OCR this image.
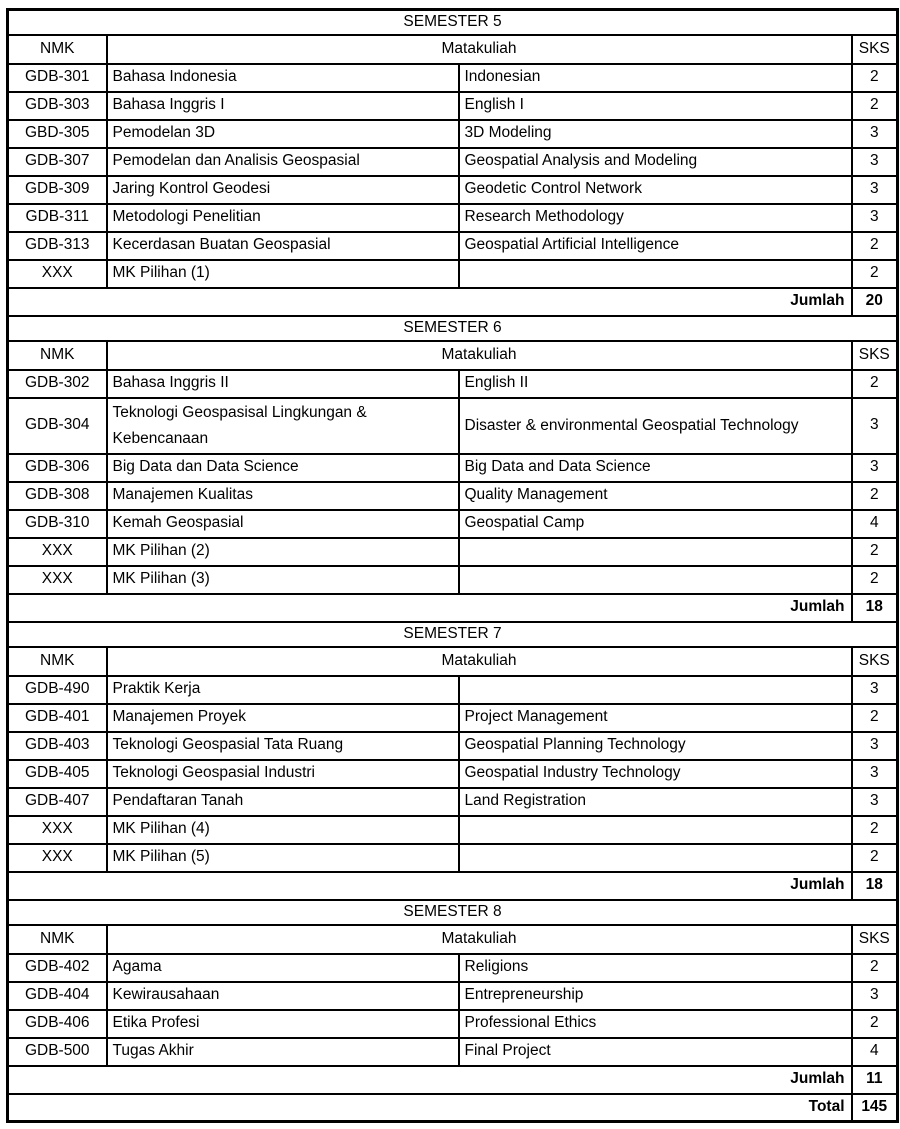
SEMESTER 5			
NMK	Matakuliah		SKS
GDB-301	Bahasa Indonesia	Indonesian	2
GDB-303	Bahasa Inggris I	English I	2
GBD-305	Pemodelan 3D	3D Modeling	3
GDB-307	Pemodelan dan Analisis Geospasial	Geospatial Analysis and Modeling	3
GDB-309	Jaring Kontrol Geodesi	Geodetic Control Network	3
GDB-311	Metodologi Penelitian	Research Methodology	3
GDB-313	Kecerdasan Buatan Geospasial	Geospatial Artificial Intelligence	2
XXX	MK Pilihan (1)		2
Jumlah			20
SEMESTER 6			
NMK	Matakuliah		SKS
GDB-302	Bahasa Inggris II	English II	2
GDB-304	Teknologi Geospasisal Lingkungan & Kebencanaan	Disaster & environmental Geospatial Technology	3
GDB-306	Big Data dan Data Science	Big Data and Data Science	3
GDB-308	Manajemen Kualitas	Quality Management	2
GDB-310	Kemah Geospasial	Geospatial Camp	4
XXX	MK Pilihan (2)		2
XXX	MK Pilihan (3)		2
Jumlah			18
SEMESTER 7			
NMK	Matakuliah		SKS
GDB-490	Praktik Kerja		3
GDB-401	Manajemen Proyek	Project Management	2
GDB-403	Teknologi Geospasial Tata Ruang	Geospatial Planning Technology	3
GDB-405	Teknologi Geospasial Industri	Geospatial Industry Technology	3
GDB-407	Pendaftaran Tanah	Land Registration	3
XXX	MK Pilihan (4)		2
XXX	MK Pilihan (5)		2
Jumlah			18
SEMESTER 8			
NMK	Matakuliah		SKS
GDB-402	Agama	Religions	2
GDB-404	Kewirausahaan	Entrepreneurship	3
GDB-406	Etika Profesi	Professional Ethics	2
GDB-500	Tugas Akhir	Final Project	4
Jumlah			11
Total			145
